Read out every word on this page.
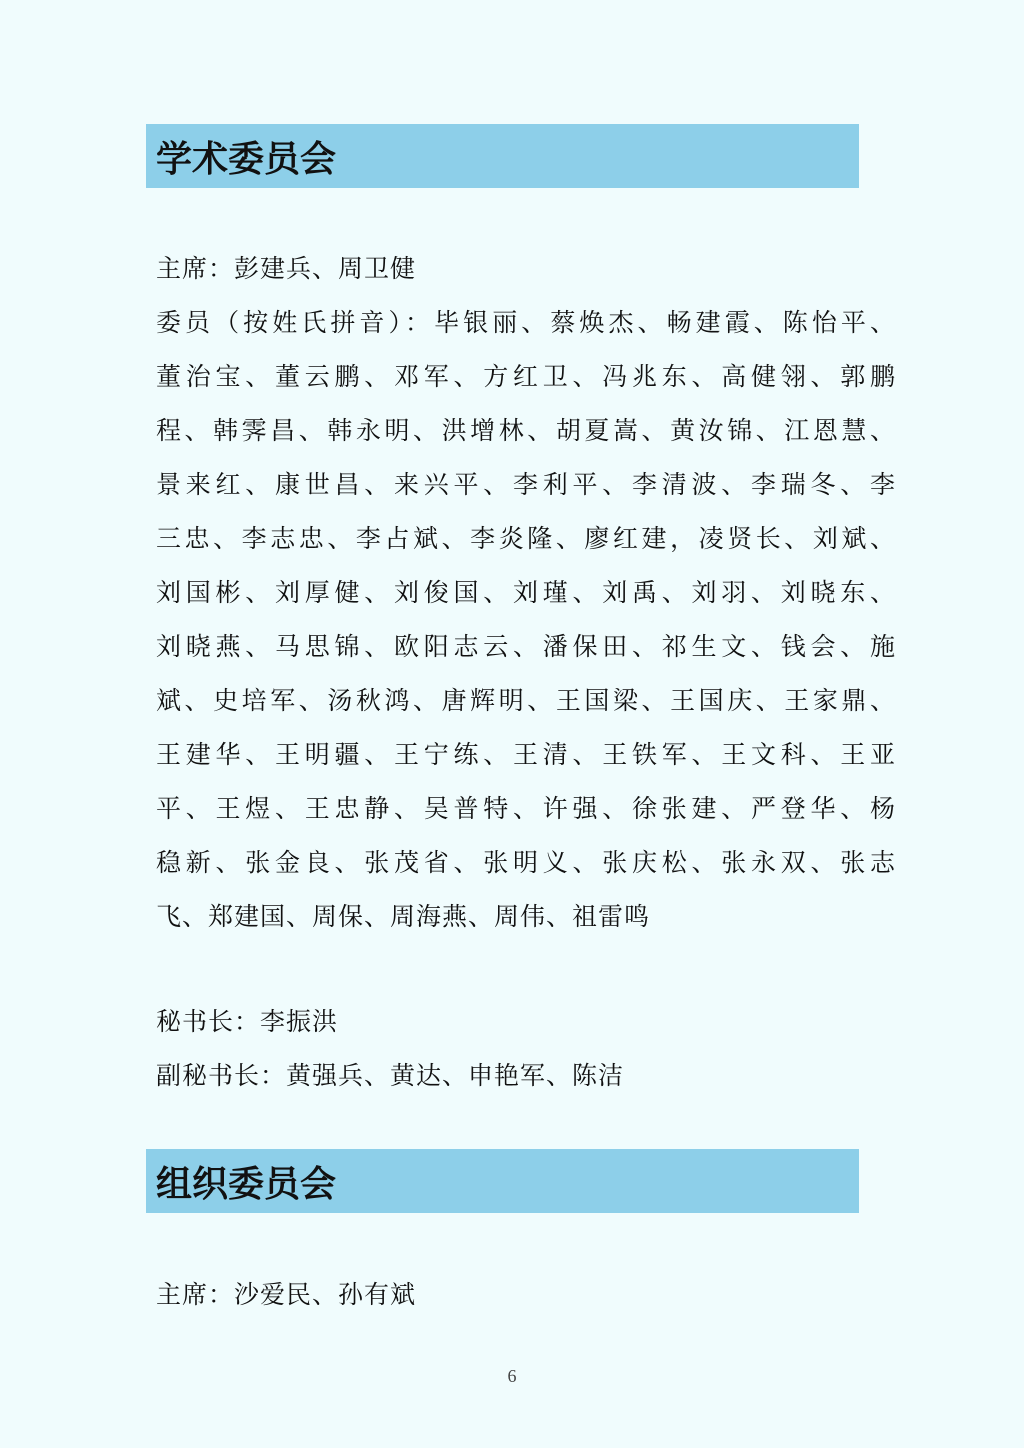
学术委员会
主席：彭建兵、周卫健
委员（按姓氏拼音）：毕银丽、蔡焕杰、畅建霞、陈怡平、
董治宝、董云鹏、邓军、方红卫、冯兆东、高健翎、郭鹏
程、韩霁昌、韩永明、洪增林、胡夏嵩、黄汝锦、江恩慧、
景来红、康世昌、来兴平、李利平、李清波、李瑞冬、李
三忠、李志忠、李占斌、李炎隆、廖红建，凌贤长、刘斌、
刘国彬、刘厚健、刘俊国、刘瑾、刘禹、刘羽、刘晓东、
刘晓燕、马思锦、欧阳志云、潘保田、祁生文、钱会、施
斌、史培军、汤秋鸿、唐辉明、王国梁、王国庆、王家鼎、
王建华、王明疆、王宁练、王清、王铁军、王文科、王亚
平、王煜、王忠静、吴普特、许强、徐张建、严登华、杨
稳新、张金良、张茂省、张明义、张庆松、张永双、张志
飞、郑建国、周保、周海燕、周伟、祖雷鸣
秘书长：李振洪
副秘书长：黄强兵、黄达、申艳军、陈洁
组织委员会
主席：沙爱民、孙有斌
6
